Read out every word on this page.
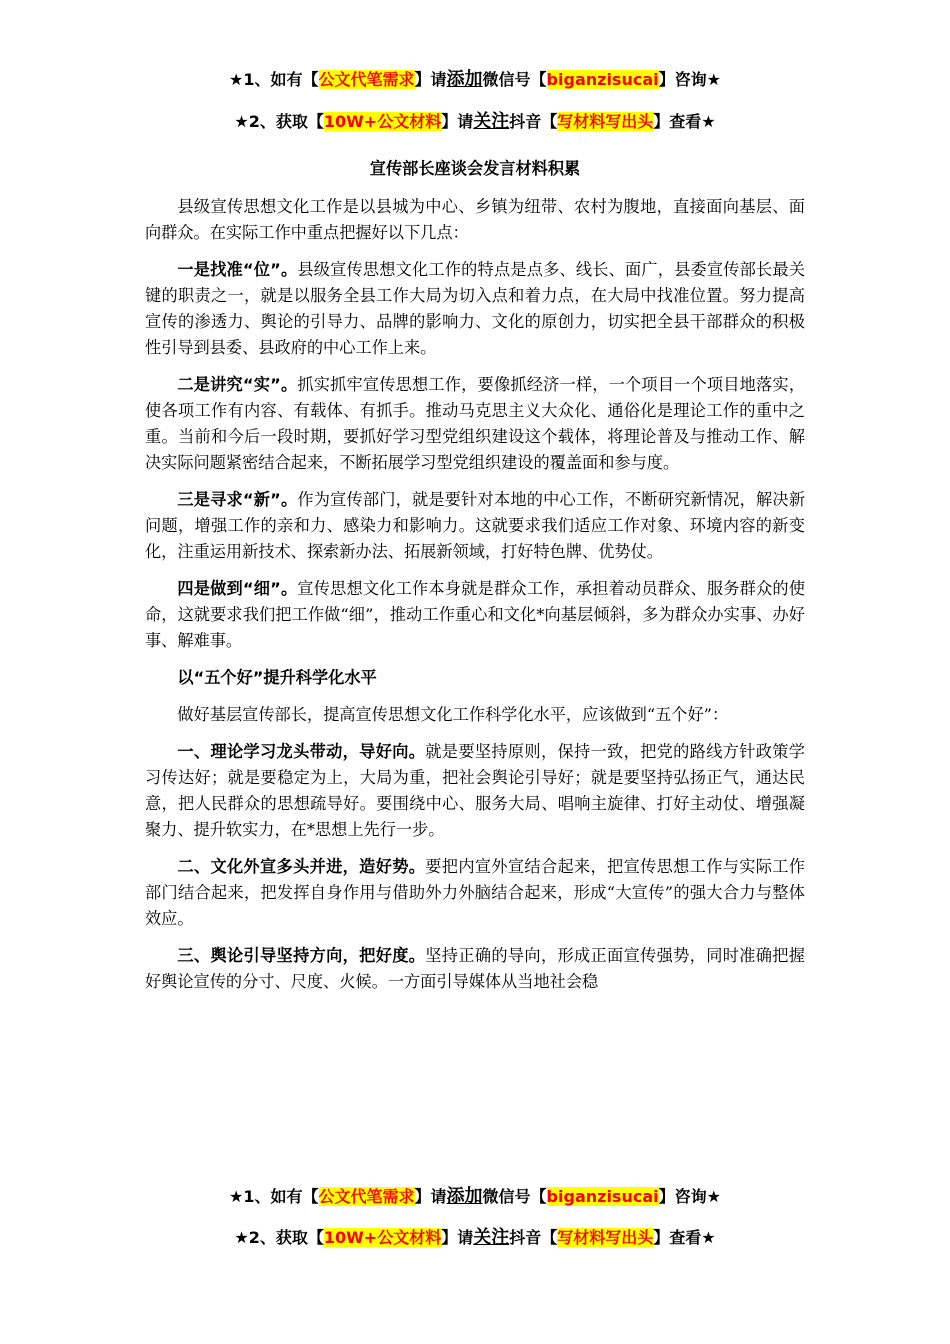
★1、如有【公文代笔需求】请添加微信号【biganzisucai】咨询★
★2、获取【10W+公文材料】请关注抖音【写材料写出头】查看★

宣传部长座谈会发言材料积累

县级宣传思想文化工作是以县城为中心、乡镇为纽带、农村为腹地，直接面向基层、面向群众。在实际工作中重点把握好以下几点：

一是找准“位”。县级宣传思想文化工作的特点是点多、线长、面广，县委宣传部长最关键的职责之一，就是以服务全县工作大局为切入点和着力点，在大局中找准位置。努力提高宣传的渗透力、舆论的引导力、品牌的影响力、文化的原创力，切实把全县干部群众的积极性引导到县委、县政府的中心工作上来。

二是讲究“实”。抓实抓牢宣传思想工作，要像抓经济一样，一个项目一个项目地落实，使各项工作有内容、有载体、有抓手。推动马克思主义大众化、通俗化是理论工作的重中之重。当前和今后一段时期，要抓好学习型党组织建设这个载体，将理论普及与推动工作、解决实际问题紧密结合起来，不断拓展学习型党组织建设的覆盖面和参与度。

三是寻求“新”。作为宣传部门，就是要针对本地的中心工作，不断研究新情况，解决新问题，增强工作的亲和力、感染力和影响力。这就要求我们适应工作对象、环境内容的新变化，注重运用新技术、探索新办法、拓展新领域，打好特色牌、优势仗。

四是做到“细”。宣传思想文化工作本身就是群众工作，承担着动员群众、服务群众的使命，这就要求我们把工作做“细”，推动工作重心和文化*向基层倾斜，多为群众办实事、办好事、解难事。

以“五个好”提升科学化水平

做好基层宣传部长，提高宣传思想文化工作科学化水平，应该做到“五个好”：

一、理论学习龙头带动，导好向。就是要坚持原则，保持一致，把党的路线方针政策学习传达好；就是要稳定为上，大局为重，把社会舆论引导好；就是要坚持弘扬正气，通达民意，把人民群众的思想疏导好。要围绕中心、服务大局、唱响主旋律、打好主动仗、增强凝聚力、提升软实力，在*思想上先行一步。

二、文化外宣多头并进，造好势。要把内宣外宣结合起来，把宣传思想工作与实际工作部门结合起来，把发挥自身作用与借助外力外脑结合起来，形成“大宣传”的强大合力与整体效应。

三、舆论引导坚持方向，把好度。坚持正确的导向，形成正面宣传强势，同时准确把握好舆论宣传的分寸、尺度、火候。一方面引导媒体从当地社会稳

★1、如有【公文代笔需求】请添加微信号【biganzisucai】咨询★
★2、获取【10W+公文材料】请关注抖音【写材料写出头】查看★
